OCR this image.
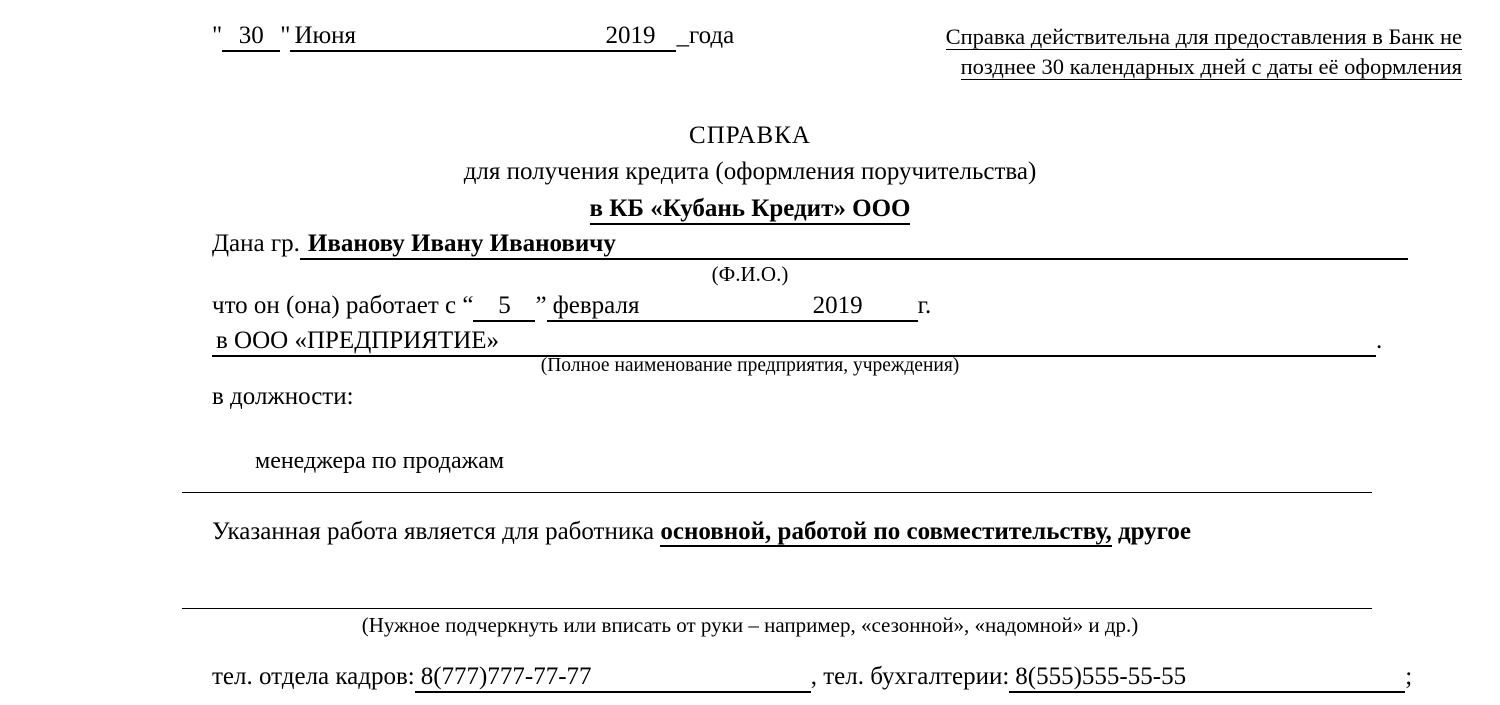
" 30 " Июня	2019 _года	Справка действительна для предоставления в Банк не
позднее 30 календарных дней с даты её оформления
СПРАВКА
для получения кредита (оформления поручительства)
в КБ «Кубань Кредит» ООО
Дана гр. Иванову Ивану Ивановичу
(Ф.И.О.)
что он (она) работает с “ 5 ” февраля	2019 г.
в ООО «ПРЕДПРИЯТИЕ»	.
(Полное наименование предприятия, учреждения)
в должности:
менеджера по продажам
Указанная работа является для работника основной, работой по совместительству, другое
(Нужное подчеркнуть или вписать от руки – например, «сезонной», «надомной» и др.)
тел. отдела кадров: 8(777)777-77-77	, тел. бухгалтерии: 8(555)555-55-55	;
